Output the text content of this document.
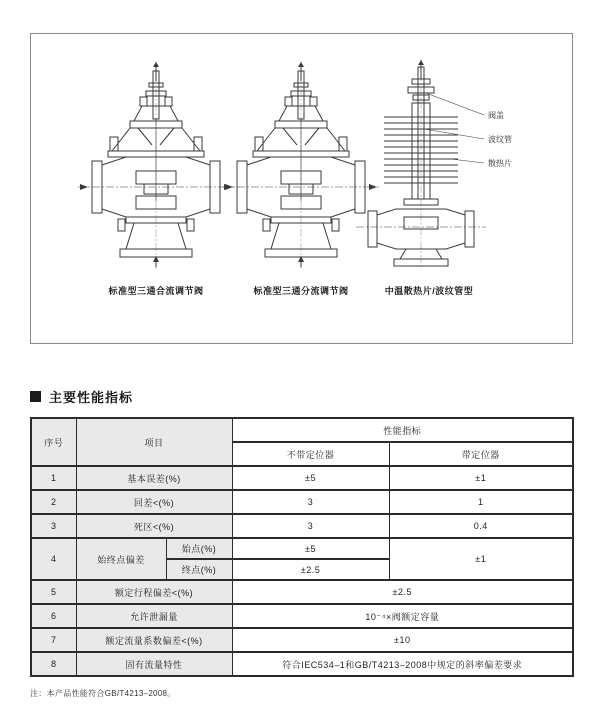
阀盖
波纹管
散热片
标准型三通合流调节阀	标准型三通分流调节阀	中温散热片/波纹管型
主要性能指标
序号	项目		性能指标	
			不带定位器	带定位器
1	基本误差(%)		±5	±1
2	回差<(%)		3	1
3	死区<(%)		3	0.4
4	始终点偏差	始点(%)	±5	±1
		终点(%)	±2.5	
5	额定行程偏差<(%)		±2.5	
6	允许泄漏量		10⁻⁴×阀额定容量	
7	额定流量系数偏差<(%)		±10	
8	固有流量特性		符合IEC534–1和GB/T4213–2008中规定的斜率偏差要求	
注：本产品性能符合GB/T4213–2008。
